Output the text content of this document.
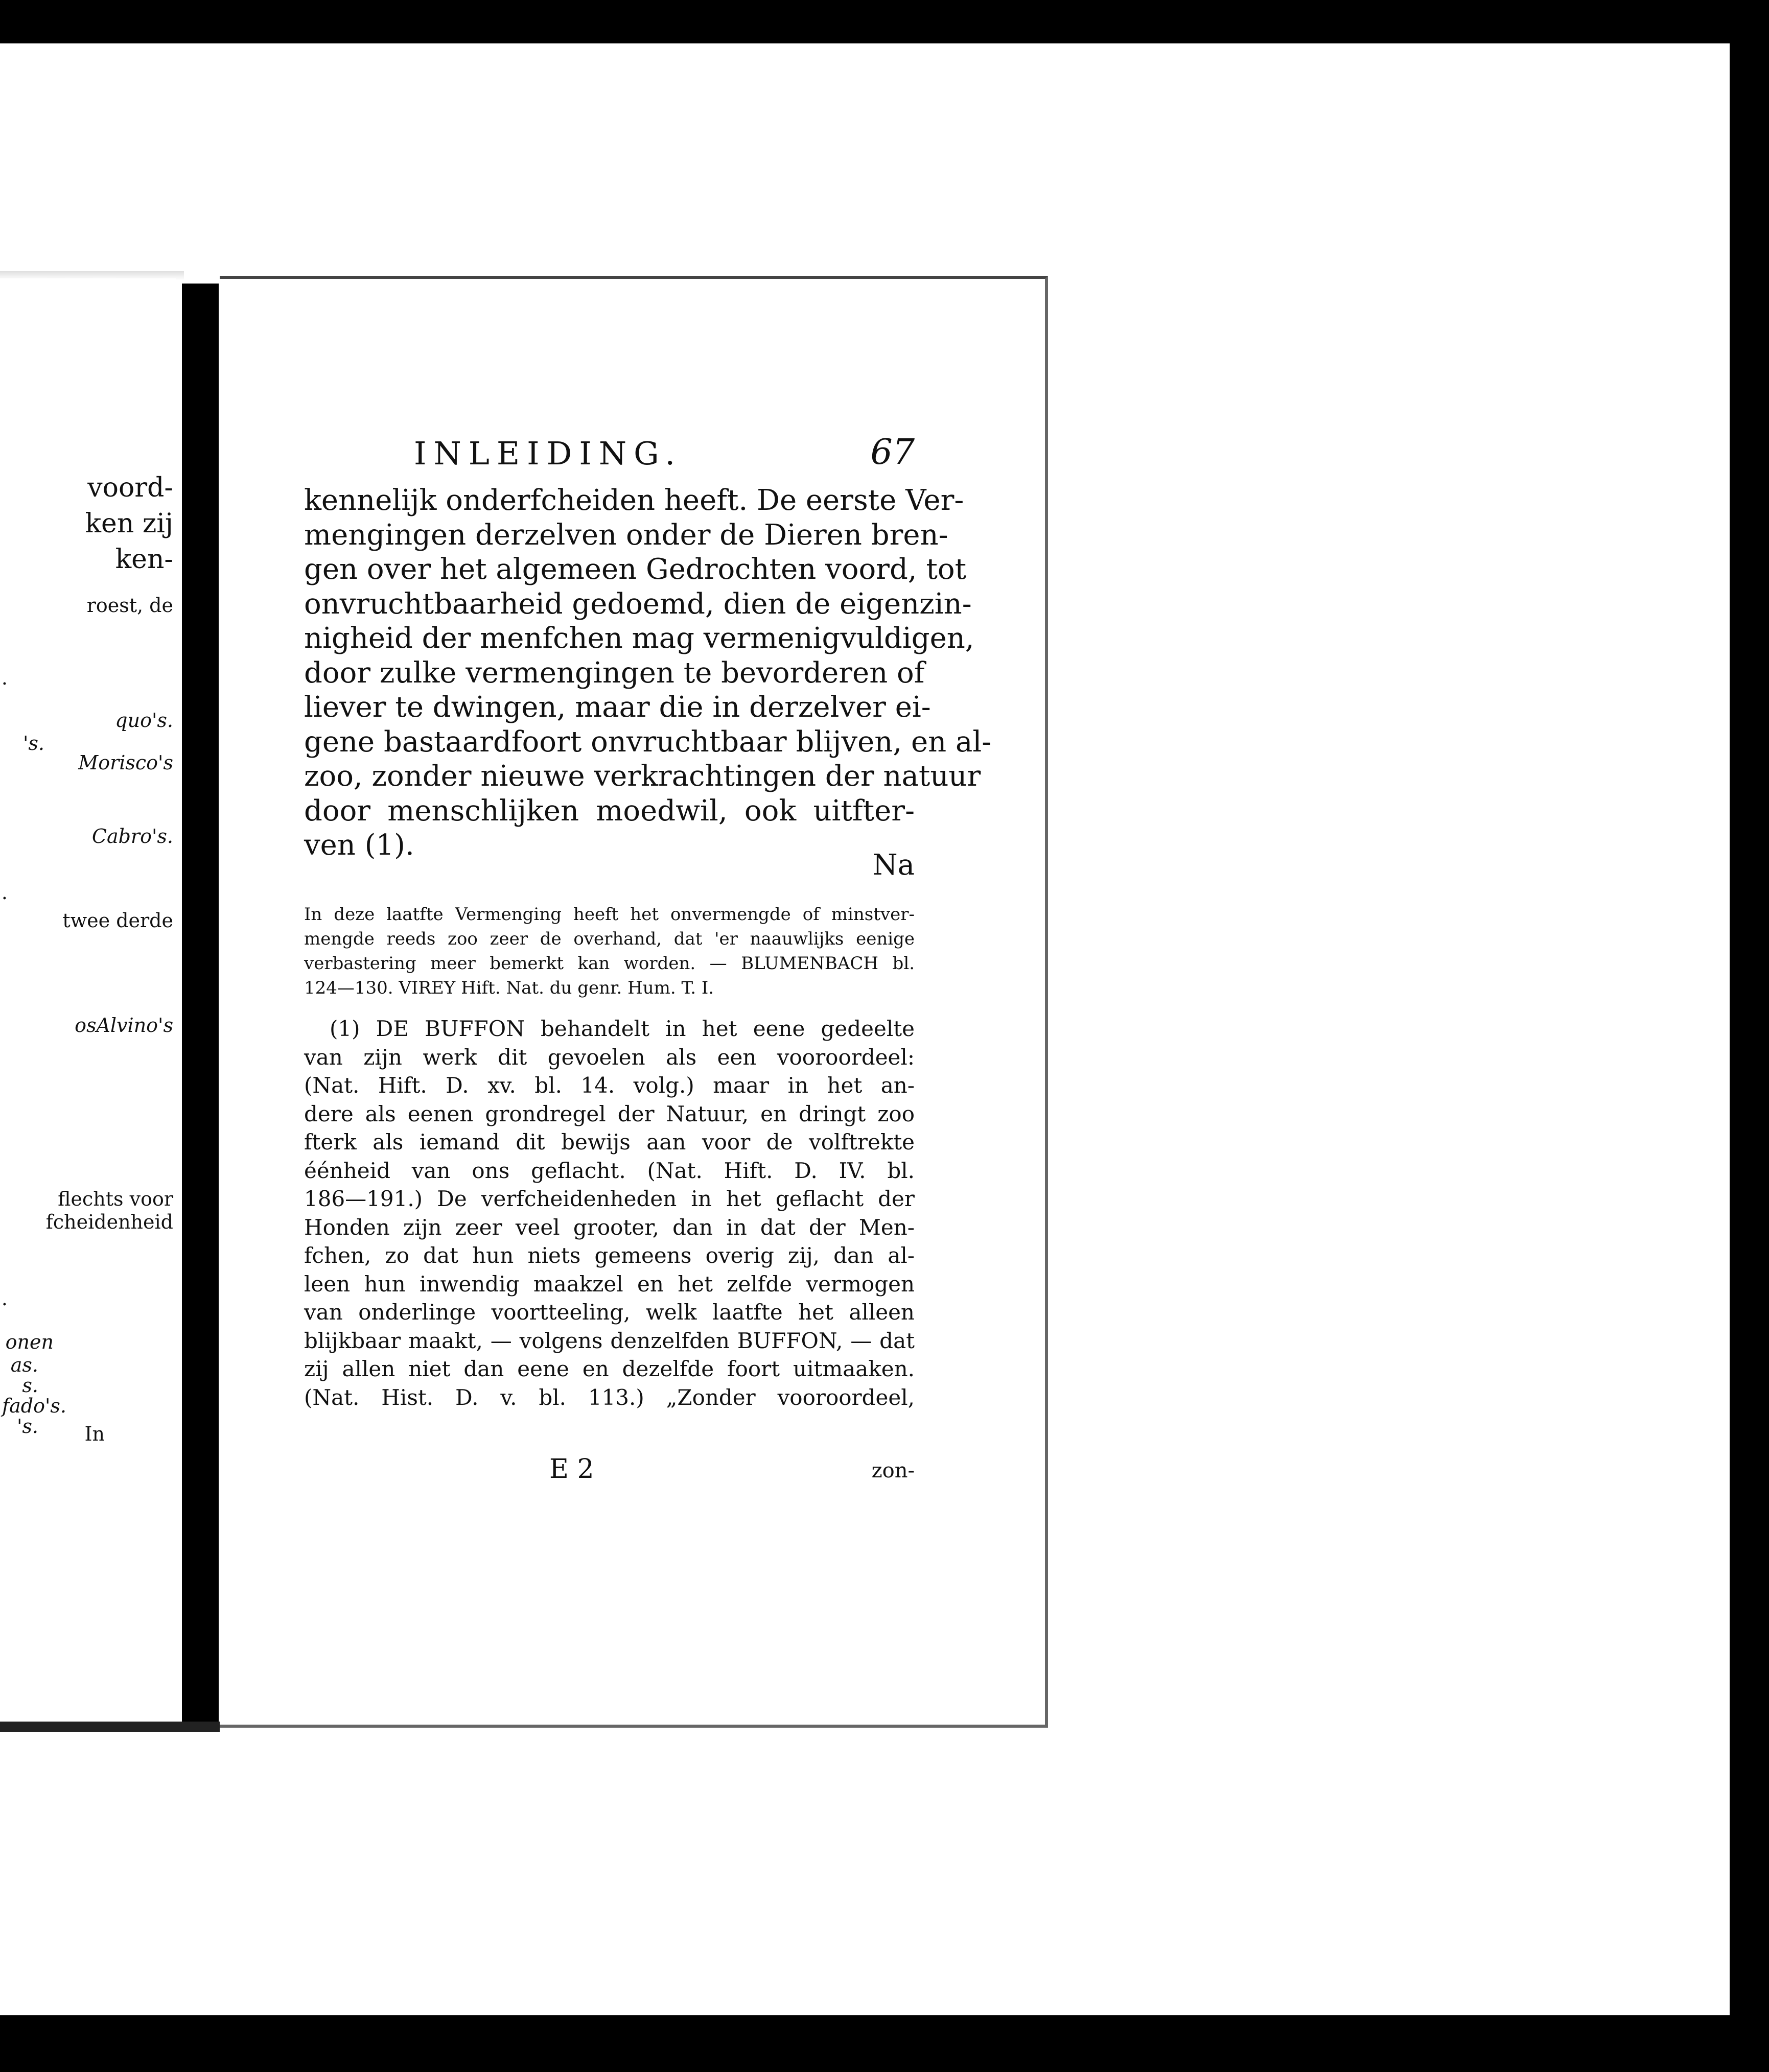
voord-
ken zij
ken-
roest, de
.
quo's.
's.
Morisco's
Cabro's.
.
twee derde
osAlvino's
flechts voor
fcheidenheid
.
onen
as.
s.
fado's.
's. In
INLEIDING.	67
kennelijk onderfcheiden heeft. De eerste Ver-
mengingen derzelven onder de Dieren bren-
gen over het algemeen Gedrochten voord, tot
onvruchtbaarheid gedoemd, dien de eigenzin-
nigheid der menfchen mag vermenigvuldigen,
door zulke vermengingen te bevorderen of
liever te dwingen, maar die in derzelver ei-
gene bastaardfoort onvruchtbaar blijven, en al-
zoo, zonder nieuwe verkrachtingen der natuur
door menschlijken moedwil, ook uitfter-
ven (1).
Na
In deze laatfte Vermenging heeft het onvermengde of minstver-
mengde reeds zoo zeer de overhand, dat 'er naauwlijks eenige
verbastering meer bemerkt kan worden. — BLUMENBACH bl.
124—130. VIREY Hift. Nat. du genr. Hum. T. I.
(1) DE BUFFON behandelt in het eene gedeelte
van zijn werk dit gevoelen als een vooroordeel:
(Nat. Hift. D. xv. bl. 14. volg.) maar in het an-
dere als eenen grondregel der Natuur, en dringt zoo
fterk als iemand dit bewijs aan voor de volftrekte
éénheid van ons geflacht. (Nat. Hift. D. IV. bl.
186—191.) De verfcheidenheden in het geflacht der
Honden zijn zeer veel grooter, dan in dat der Men-
fchen, zo dat hun niets gemeens overig zij, dan al-
leen hun inwendig maakzel en het zelfde vermogen
van onderlinge voortteeling, welk laatfte het alleen
blijkbaar maakt, — volgens denzelfden BUFFON, — dat
zij allen niet dan eene en dezelfde foort uitmaaken.
(Nat. Hist. D. v. bl. 113.) „Zonder vooroordeel,
E 2	zon-
